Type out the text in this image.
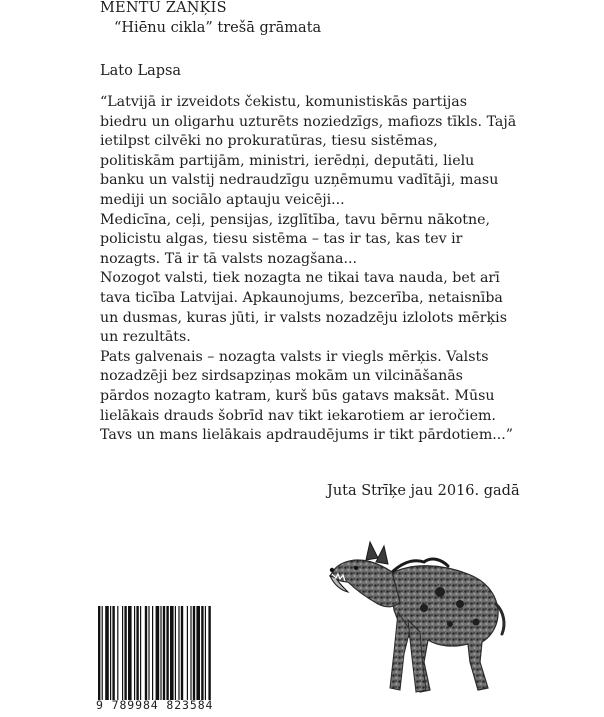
MENTU ZAŅĶIS
“Hiēnu cikla” trešā grāmata
Lato Lapsa
“Latvijā ir izveidots čekistu, komunistiskās partijas
biedru un oligarhu uzturēts noziedzīgs, mafiozs tīkls. Tajā
ietilpst cilvēki no prokuratūras, tiesu sistēmas,
politiskām partijām, ministri, ierēdņi, deputāti, lielu
banku un valstij nedraudzīgu uzņēmumu vadītāji, masu
mediji un sociālo aptauju veicēji...
Medicīna, ceļi, pensijas, izglītība, tavu bērnu nākotne,
policistu algas, tiesu sistēma – tas ir tas, kas tev ir
nozagts. Tā ir tā valsts nozagšana...
Nozogot valsti, tiek nozagta ne tikai tava nauda, bet arī
tava ticība Latvijai. Apkaunojums, bezcerība, netaisnība
un dusmas, kuras jūti, ir valsts nozadzēju izlolots mērķis
un rezultāts.
Pats galvenais – nozagta valsts ir viegls mērķis. Valsts
nozadzēji bez sirdsapziņas mokām un vilcināšanās
pārdos nozagto katram, kurš būs gatavs maksāt. Mūsu
lielākais drauds šobrīd nav tikt iekarotiem ar ieročiem.
Tavs un mans lielākais apdraudējums ir tikt pārdotiem...”
Juta Strīķe jau 2016. gadā
9 789984 823584
